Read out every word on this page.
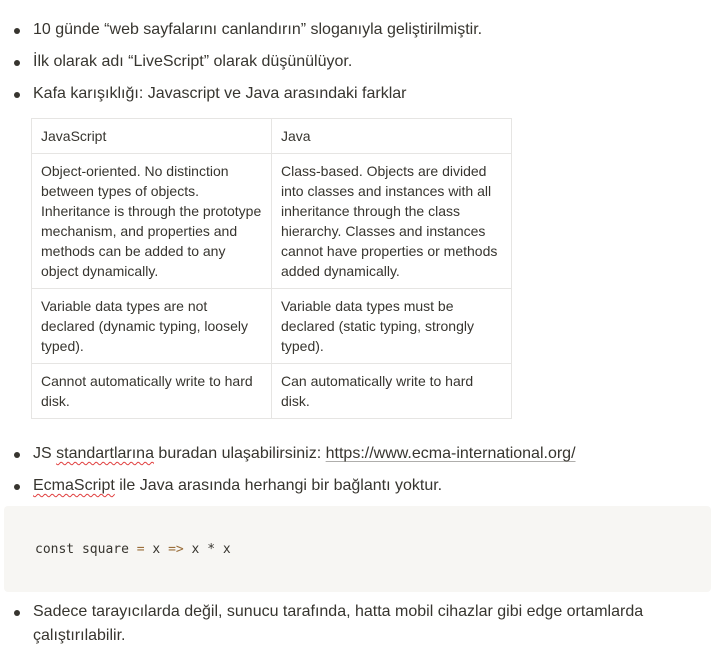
10 günde “web sayfalarını canlandırın” sloganıyla geliştirilmiştir.
İlk olarak adı “LiveScript” olarak düşünülüyor.
Kafa karışıklığı: Javascript ve Java arasındaki farklar
JavaScript	Java
Object-oriented. No distinction between types of objects. Inheritance is through the prototype mechanism, and properties and methods can be added to any object dynamically.	Class-based. Objects are divided into classes and instances with all inheritance through the class hierarchy. Classes and instances cannot have properties or methods added dynamically.
Variable data types are not declared (dynamic typing, loosely typed).	Variable data types must be declared (static typing, strongly typed).
Cannot automatically write to hard disk.	Can automatically write to hard disk.
JS standartlarına buradan ulaşabilirsiniz: https://www.ecma-international.org/
EcmaScript ile Java arasında herhangi bir bağlantı yoktur.
const square = x => x * x
Sadece tarayıcılarda değil, sunucu tarafında, hatta mobil cihazlar gibi edge ortamlarda çalıştırılabilir.
